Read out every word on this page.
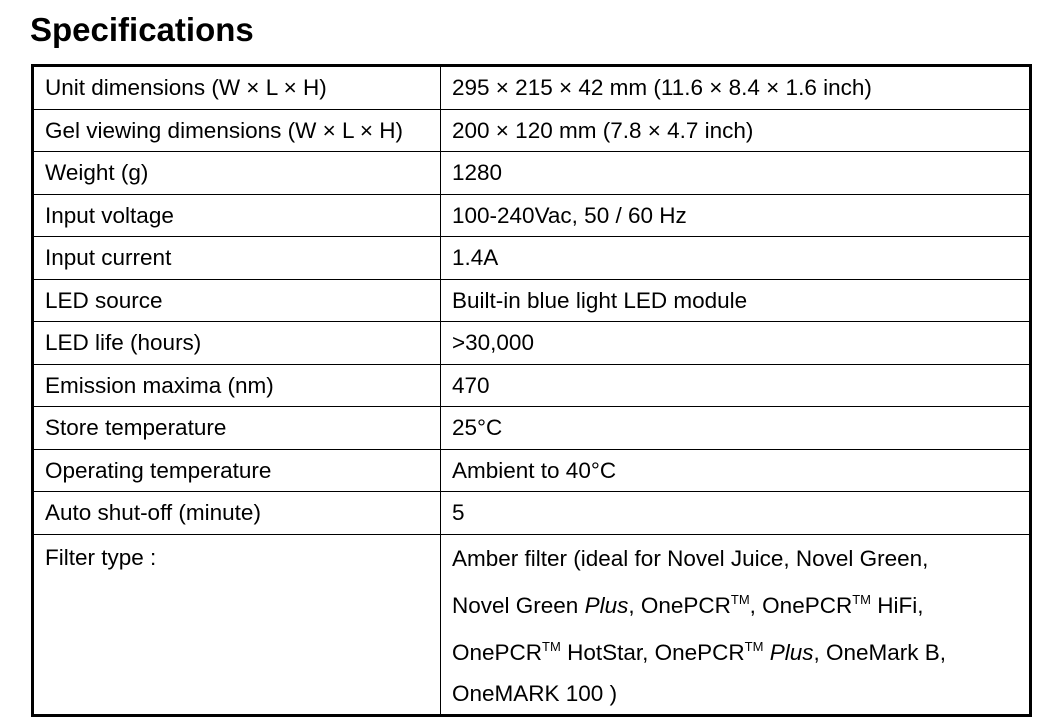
Specifications
Unit dimensions (W × L × H)	295 × 215 × 42 mm (11.6 × 8.4 × 1.6 inch)
Gel viewing dimensions (W × L × H)	200 × 120 mm (7.8 × 4.7 inch)
Weight (g)	1280
Input voltage	100-240Vac, 50 / 60 Hz
Input current	1.4A
LED source	Built-in blue light LED module
LED life (hours)	>30,000
Emission maxima (nm)	470
Store temperature	25°C
Operating temperature	Ambient to 40°C
Auto shut-off (minute)	5
Filter type :	Amber filter (ideal for Novel Juice, Novel Green,
Novel Green Plus, OnePCR™, OnePCR™ HiFi,
OnePCR™ HotStar, OnePCR™ Plus, OneMark B,
OneMARK 100 )
